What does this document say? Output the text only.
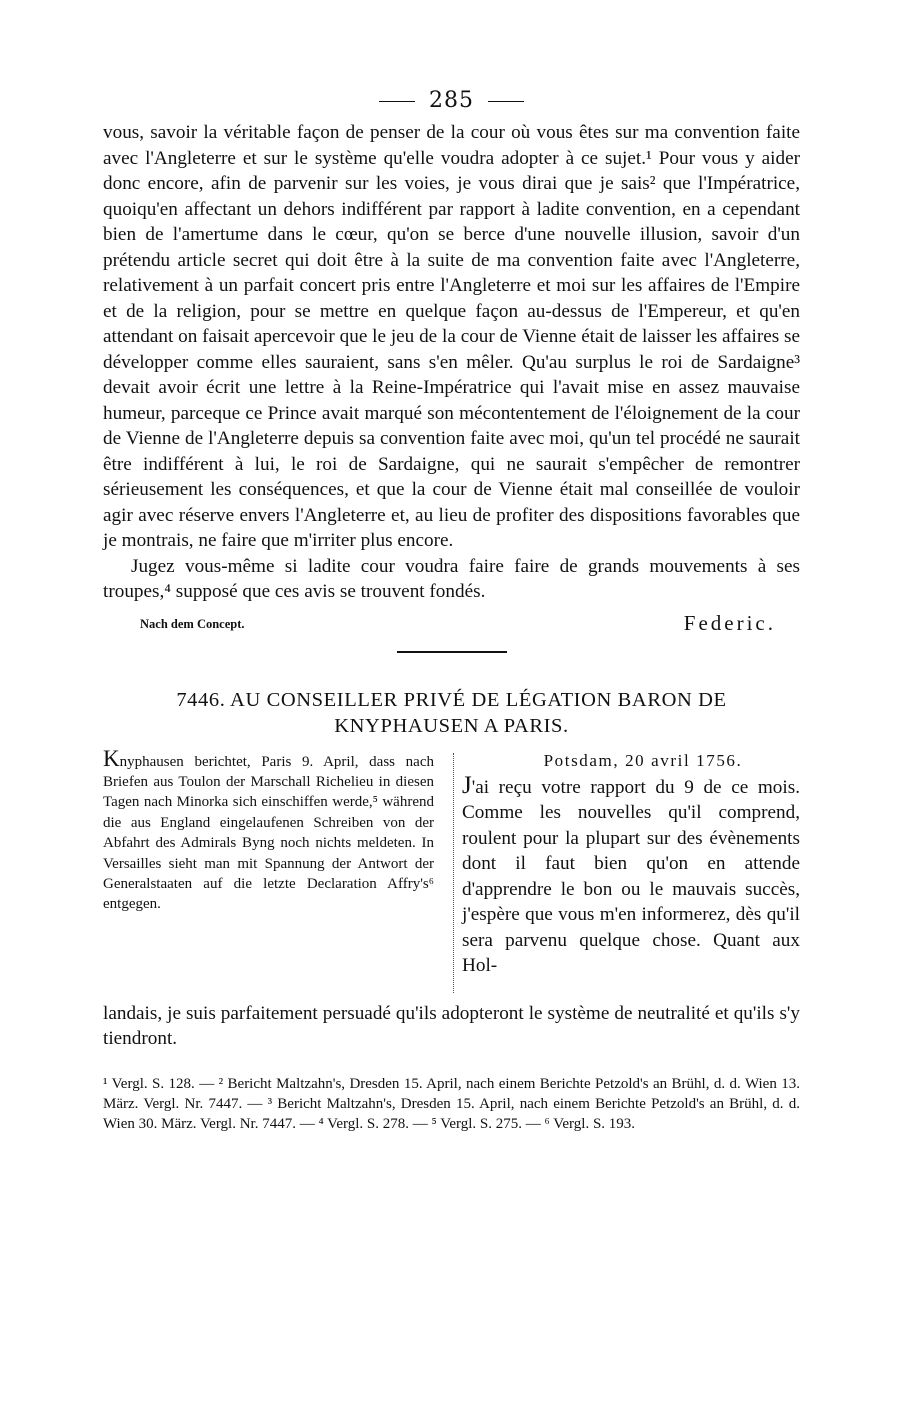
285

vous, savoir la véritable façon de penser de la cour où vous êtes sur ma convention faite avec l'Angleterre et sur le système qu'elle voudra adopter à ce sujet.¹ Pour vous y aider donc encore, afin de parvenir sur les voies, je vous dirai que je sais² que l'Impératrice, quoiqu'en affectant un dehors indifférent par rapport à ladite convention, en a cependant bien de l'amertume dans le cœur, qu'on se berce d'une nouvelle illusion, savoir d'un prétendu article secret qui doit être à la suite de ma convention faite avec l'Angleterre, relativement à un parfait concert pris entre l'Angleterre et moi sur les affaires de l'Empire et de la religion, pour se mettre en quelque façon au-dessus de l'Empereur, et qu'en attendant on faisait apercevoir que le jeu de la cour de Vienne était de laisser les affaires se développer comme elles sauraient, sans s'en mêler. Qu'au surplus le roi de Sardaigne³ devait avoir écrit une lettre à la Reine-Impératrice qui l'avait mise en assez mauvaise humeur, parceque ce Prince avait marqué son mécontentement de l'éloignement de la cour de Vienne de l'Angleterre depuis sa convention faite avec moi, qu'un tel procédé ne saurait être indifférent à lui, le roi de Sardaigne, qui ne saurait s'empêcher de remontrer sérieusement les conséquences, et que la cour de Vienne était mal conseillée de vouloir agir avec réserve envers l'Angleterre et, au lieu de profiter des dispositions favorables que je montrais, ne faire que m'irriter plus encore.

Jugez vous-même si ladite cour voudra faire faire de grands mouvements à ses troupes,⁴ supposé que ces avis se trouvent fondés.

Nach dem Concept.	Federic.
7446. AU CONSEILLER PRIVÉ DE LÉGATION BARON DE KNYPHAUSEN A PARIS.
Knyphausen berichtet, Paris 9. April, dass nach Briefen aus Toulon der Marschall Richelieu in diesen Tagen nach Minorka sich einschiffen werde,⁵ während die aus England eingelaufenen Schreiben von der Abfahrt des Admirals Byng noch nichts meldeten. In Versailles sieht man mit Spannung der Antwort der Generalstaaten auf die letzte Declaration Affry's⁶ entgegen.
Potsdam, 20 avril 1756.

J'ai reçu votre rapport du 9 de ce mois. Comme les nouvelles qu'il comprend, roulent pour la plupart sur des évènements dont il faut bien qu'on en attende d'apprendre le bon ou le mauvais succès, j'espère que vous m'en informerez, dès qu'il sera parvenu quelque chose. Quant aux Hol-

landais, je suis parfaitement persuadé qu'ils adopteront le système de neutralité et qu'ils s'y tiendront.

¹ Vergl. S. 128. — ² Bericht Maltzahn's, Dresden 15. April, nach einem Berichte Petzold's an Brühl, d. d. Wien 13. März. Vergl. Nr. 7447. — ³ Bericht Maltzahn's, Dresden 15. April, nach einem Berichte Petzold's an Brühl, d. d. Wien 30. März. Vergl. Nr. 7447. — ⁴ Vergl. S. 278. — ⁵ Vergl. S. 275. — ⁶ Vergl. S. 193.
